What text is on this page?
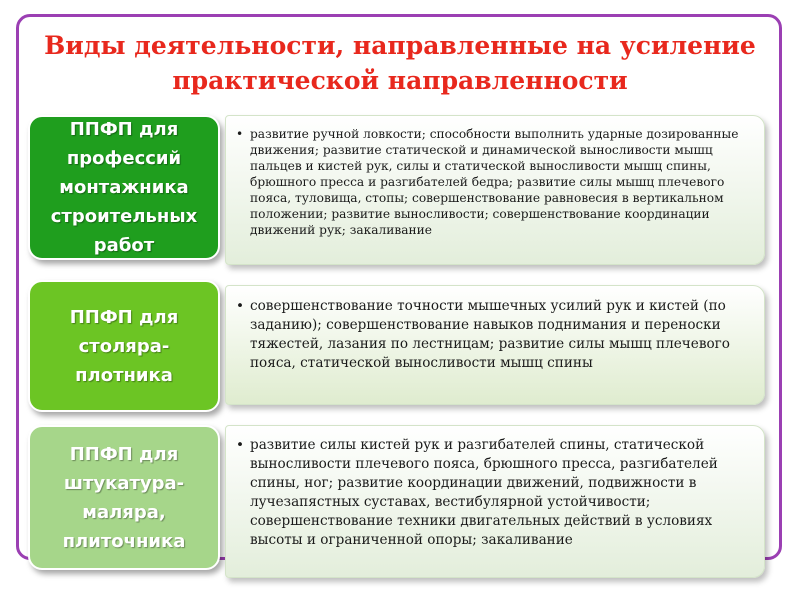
Виды деятельности, направленные на усиление практической направленности
ППФП для
профессий
монтажника
строительных
работ

• развитие ручной ловкости; способности выполнить ударные дозированные движения; развитие статической и динамической выносливости мышц пальцев и кистей рук, силы и статической выносливости мышц спины, брюшного пресса и разгибателей бедра; развитие силы мышц плечевого пояса, туловища, стопы; совершенствование равновесия в вертикальном положении; развитие выносливости; совершенствование координации движений рук; закаливание

ППФП для
столяра-
плотника

• совершенствование точности мышечных усилий рук и кистей (по заданию); совершенствование навыков поднимания и переноски тяжестей, лазания по лестницам; развитие силы мышц плечевого пояса, статической выносливости мышц спины

ППФП для
штукатура-
маляра,
плиточника

• развитие силы кистей рук и разгибателей спины, статической выносливости плечевого пояса, брюшного пресса, разгибателей спины, ног; развитие координации движений, подвижности в лучезапястных суставах, вестибулярной устойчивости; совершенствование техники двигательных действий в условиях высоты и ограниченной опоры; закаливание
